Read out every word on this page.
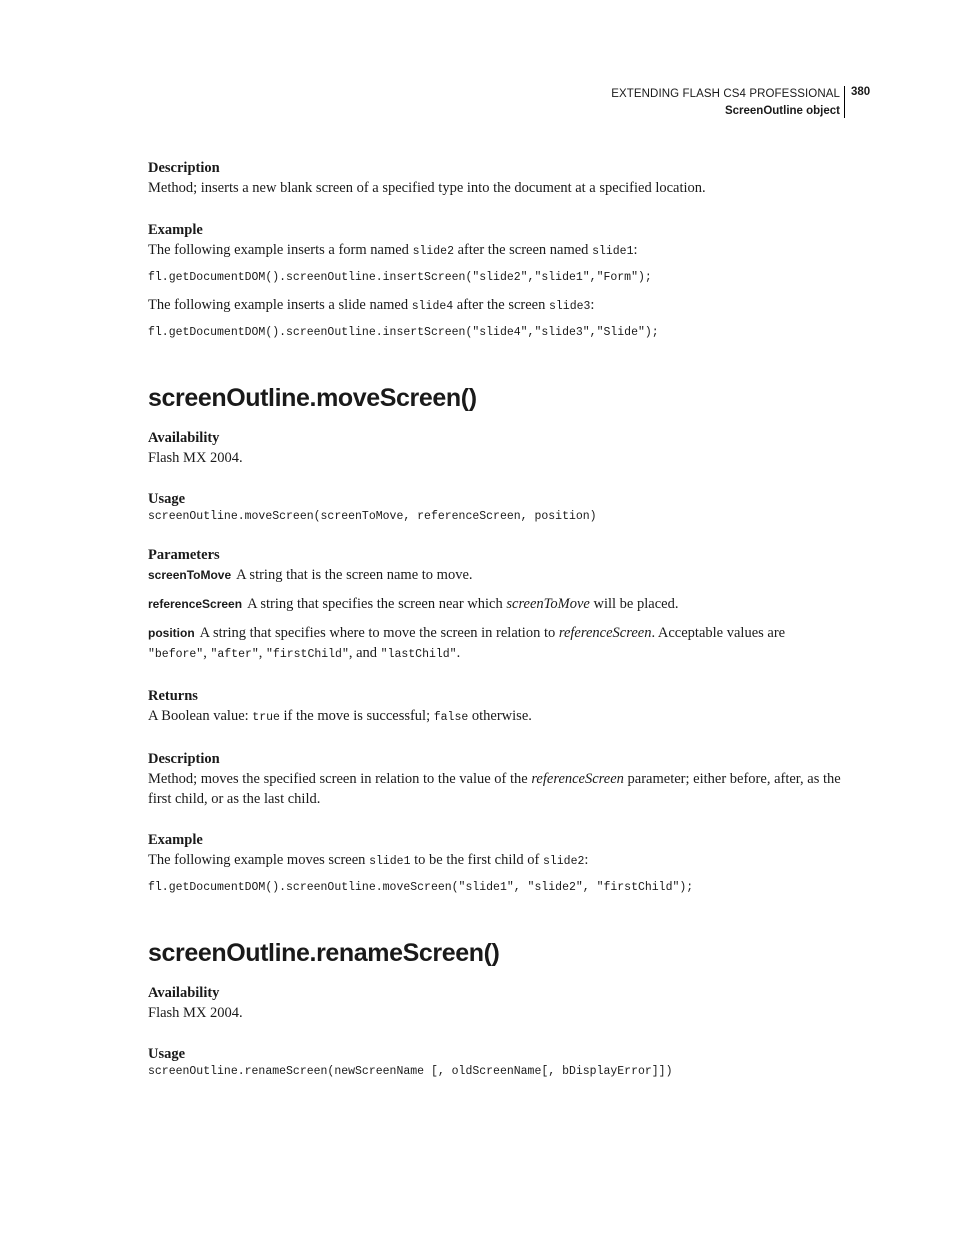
EXTENDING FLASH CS4 PROFESSIONAL
ScreenOutline object
380
Description
Method; inserts a new blank screen of a specified type into the document at a specified location.
Example
The following example inserts a form named slide2 after the screen named slide1:
fl.getDocumentDOM().screenOutline.insertScreen("slide2","slide1","Form");
The following example inserts a slide named slide4 after the screen slide3:
fl.getDocumentDOM().screenOutline.insertScreen("slide4","slide3","Slide");
screenOutline.moveScreen()
Availability
Flash MX 2004.
Usage
screenOutline.moveScreen(screenToMove, referenceScreen, position)
Parameters
screenToMove A string that is the screen name to move.
referenceScreen A string that specifies the screen near which screenToMove will be placed.
position A string that specifies where to move the screen in relation to referenceScreen. Acceptable values are
"before", "after", "firstChild", and "lastChild".
Returns
A Boolean value: true if the move is successful; false otherwise.
Description
Method; moves the specified screen in relation to the value of the referenceScreen parameter; either before, after, as the first child, or as the last child.
Example
The following example moves screen slide1 to be the first child of slide2:
fl.getDocumentDOM().screenOutline.moveScreen("slide1", "slide2", "firstChild");
screenOutline.renameScreen()
Availability
Flash MX 2004.
Usage
screenOutline.renameScreen(newScreenName [, oldScreenName[, bDisplayError]])
